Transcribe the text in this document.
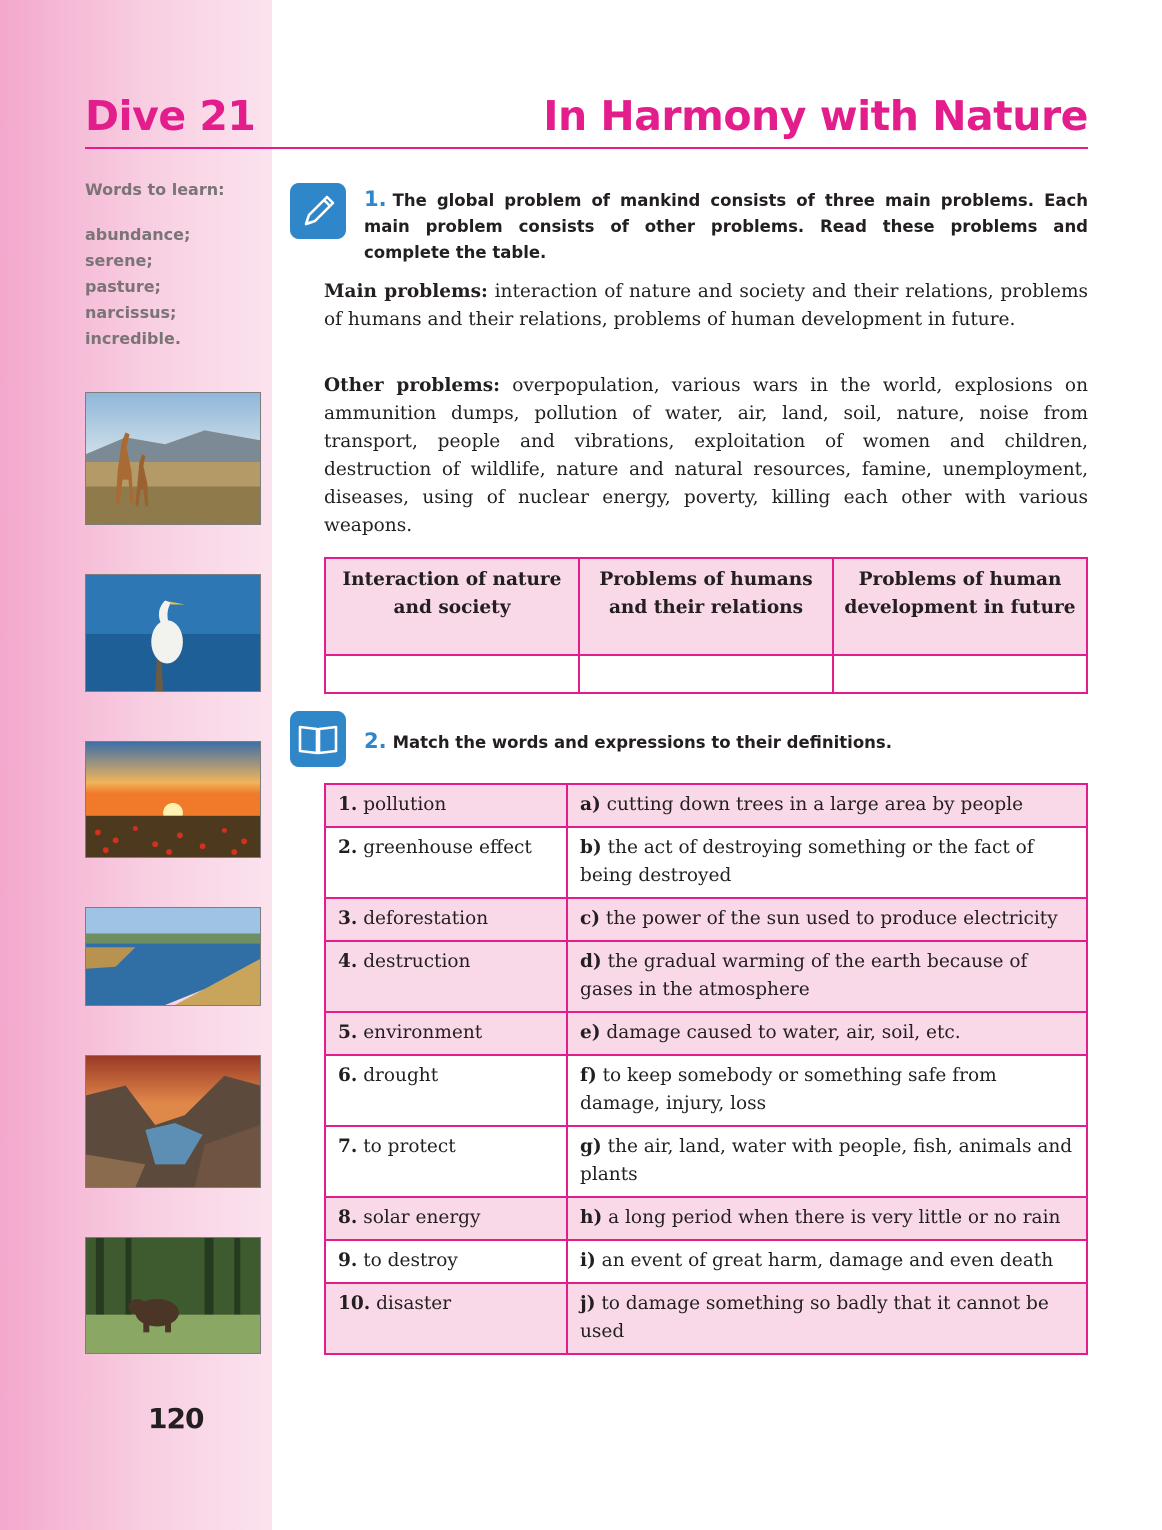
Dive 21	In Harmony with Nature
Words to learn:
abundance;
serene;
pasture;
narcissus;
incredible.
120
1. The global problem of mankind consists of three main problems. Each main problem consists of other problems. Read these problems and complete the table.

Main problems: interaction of nature and society and their relations, problems of humans and their relations, problems of human development in future.

Other problems: overpopulation, various wars in the world, explosions on ammunition dumps, pollution of water, air, land, soil, nature, noise from transport, people and vibrations, exploitation of women and children, destruction of wildlife, nature and natural resources, famine, unemployment, diseases, using of nuclear energy, poverty, killing each other with various weapons.

Interaction of nature and society	Problems of humans and their relations	Problems of human development in future

2. Match the words and expressions to their definitions.
1. pollution	a) cutting down trees in a large area by people
2. greenhouse effect	b) the act of destroying something or the fact of being destroyed
3. deforestation	c) the power of the sun used to produce electricity
4. destruction	d) the gradual warming of the earth because of gases in the atmosphere
5. environment	e) damage caused to water, air, soil, etc.
6. drought	f) to keep somebody or something safe from damage, injury, loss
7. to protect	g) the air, land, water with people, fish, animals and plants
8. solar energy	h) a long period when there is very little or no rain
9. to destroy	i) an event of great harm, damage and even death
10. disaster	j) to damage something so badly that it cannot be used
